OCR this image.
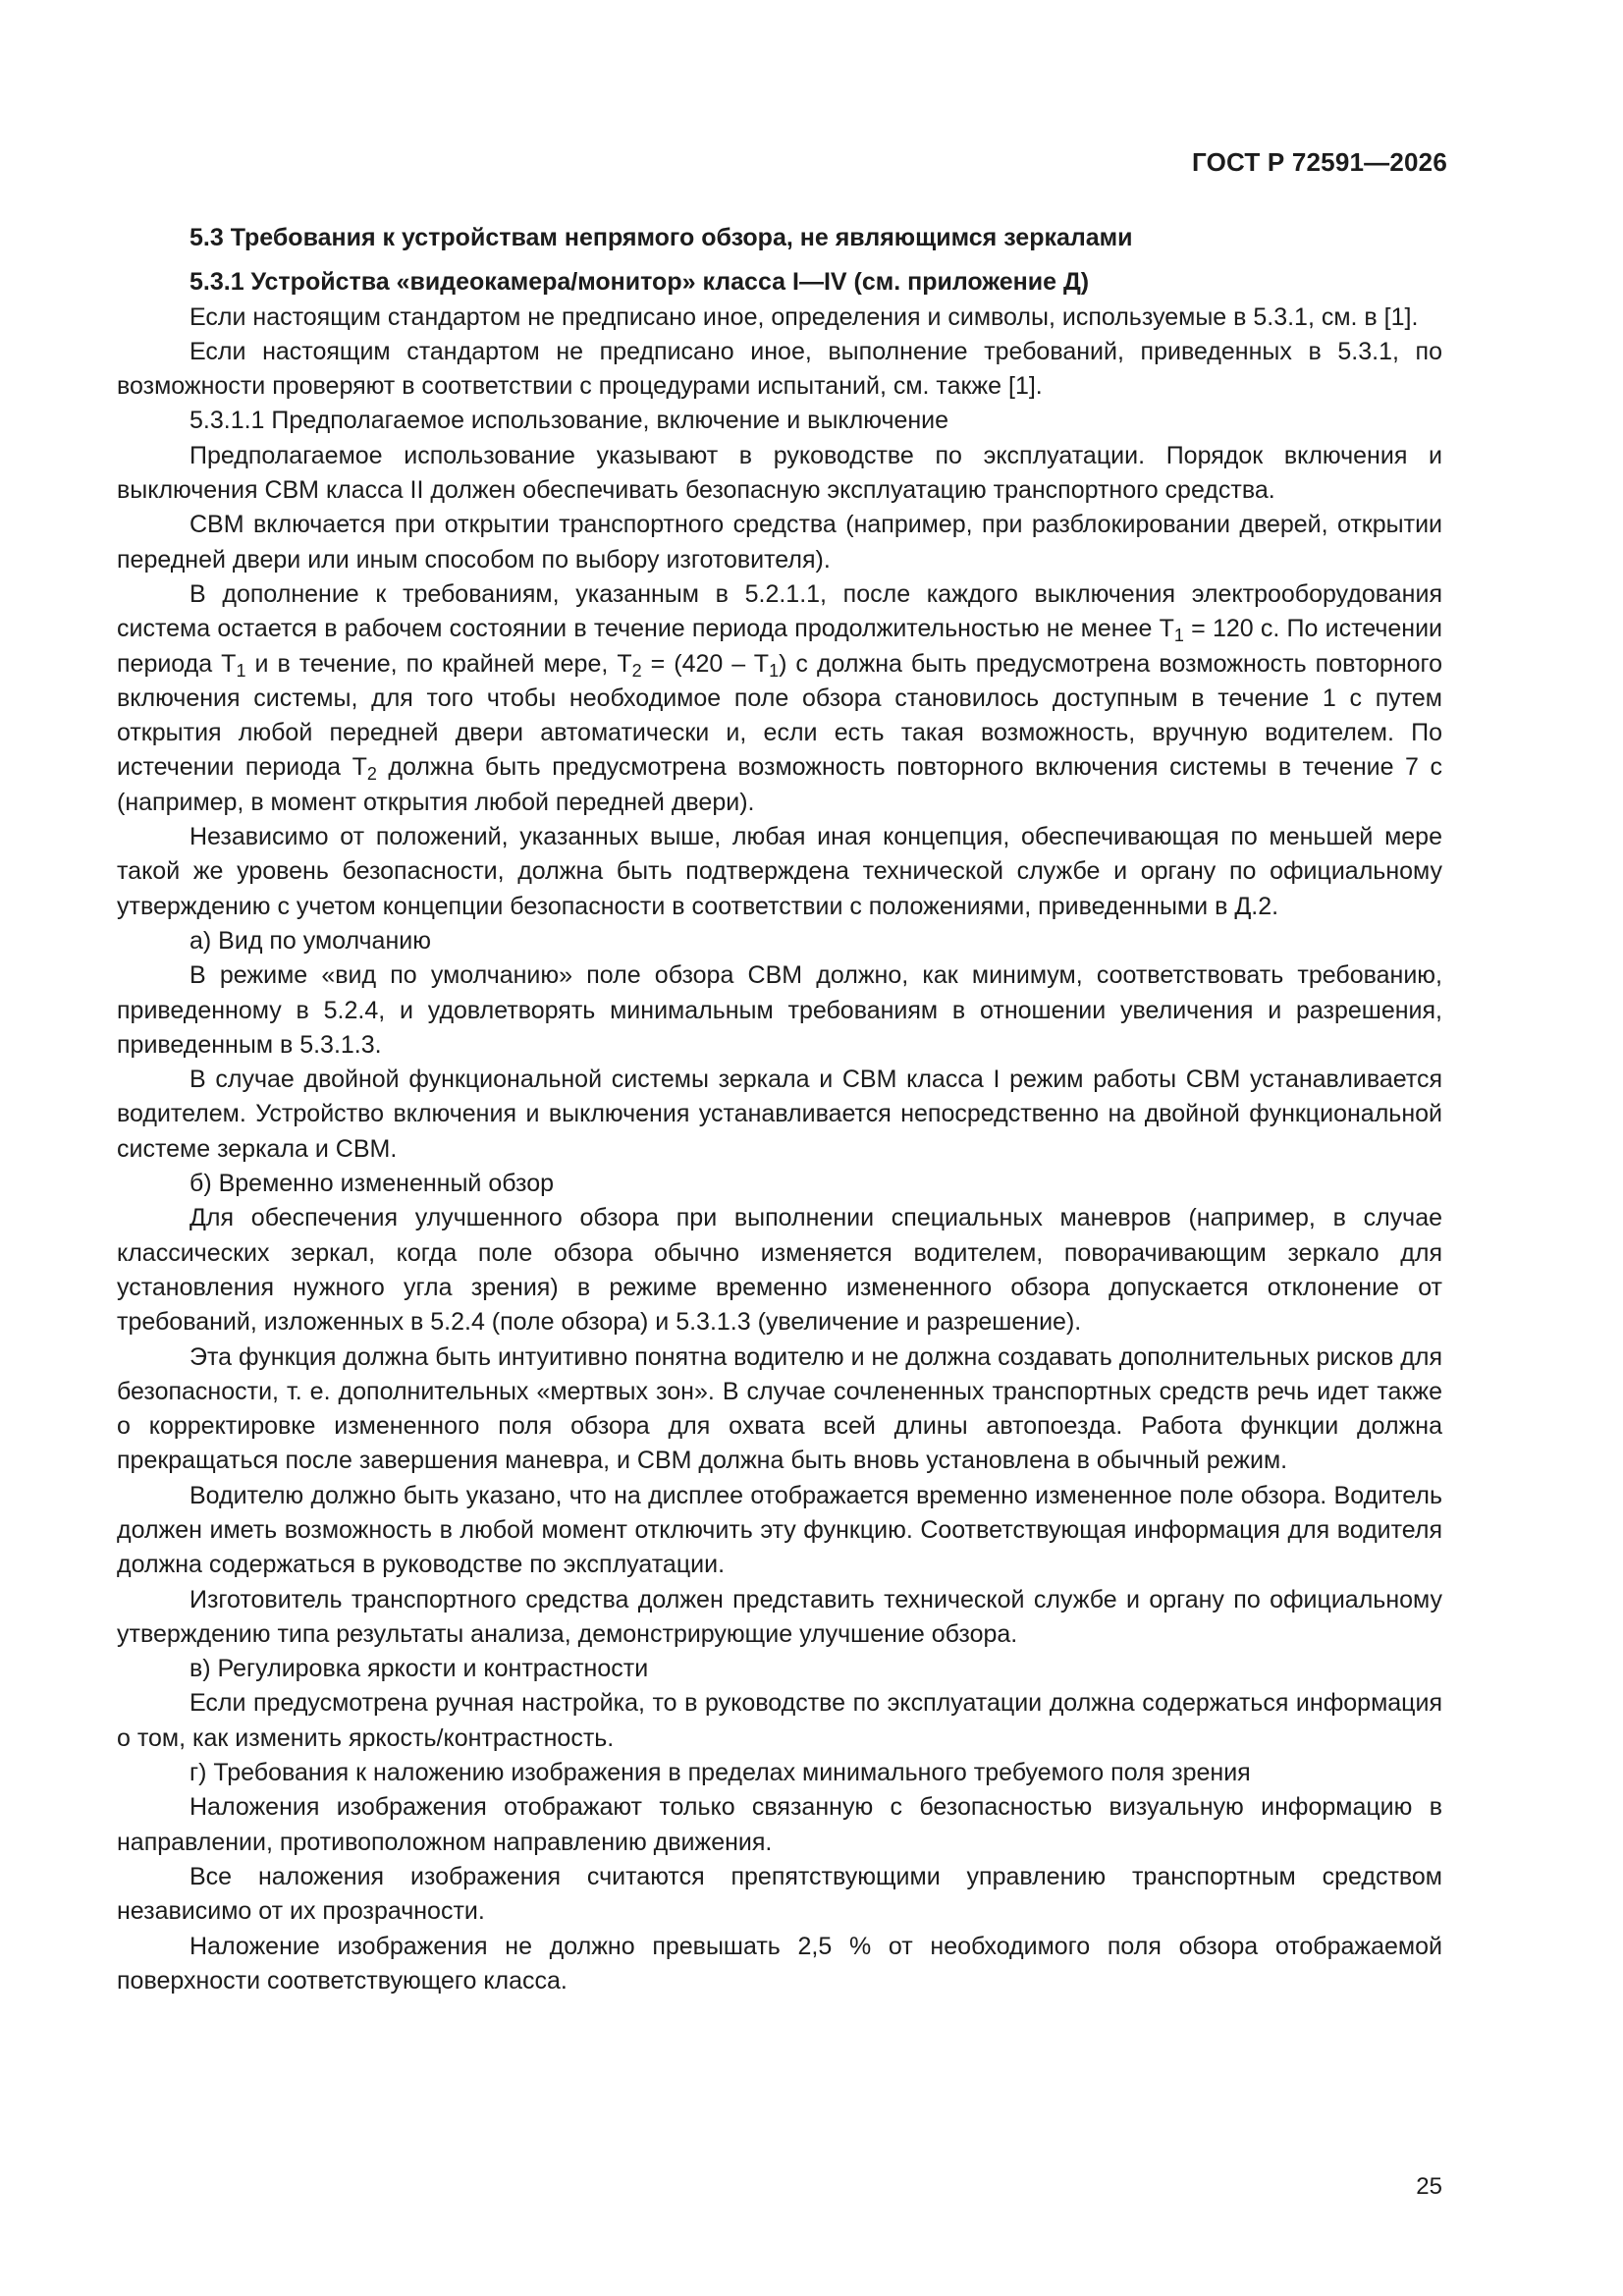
ГОСТ Р 72591—2026

5.3 Требования к устройствам непрямого обзора, не являющимся зеркалами

5.3.1 Устройства «видеокамера/монитор» класса I—IV (см. приложение Д)

Если настоящим стандартом не предписано иное, определения и символы, используемые в 5.3.1, см. в [1].

Если настоящим стандартом не предписано иное, выполнение требований, приведенных в 5.3.1, по возможности проверяют в соответствии с процедурами испытаний, см. также [1].

5.3.1.1 Предполагаемое использование, включение и выключение

Предполагаемое использование указывают в руководстве по эксплуатации. Порядок включения и выключения СВМ класса II должен обеспечивать безопасную эксплуатацию транспортного средства.

СВМ включается при открытии транспортного средства (например, при разблокировании дверей, открытии передней двери или иным способом по выбору изготовителя).

В дополнение к требованиям, указанным в 5.2.1.1, после каждого выключения электрооборудования система остается в рабочем состоянии в течение периода продолжительностью не менее $T_1 = 120$ с. По истечении периода $T_1$ и в течение, по крайней мере, $T_2 = (420 - T_1)$ с должна быть предусмотрена возможность повторного включения системы, для того чтобы необходимое поле обзора становилось доступным в течение 1 с путем открытия любой передней двери автоматически и, если есть такая возможность, вручную водителем. По истечении периода $T_2$ должна быть предусмотрена возможность повторного включения системы в течение 7 с (например, в момент открытия любой передней двери).

Независимо от положений, указанных выше, любая иная концепция, обеспечивающая по меньшей мере такой же уровень безопасности, должна быть подтверждена технической службе и органу по официальному утверждению с учетом концепции безопасности в соответствии с положениями, приведенными в Д.2.

а) Вид по умолчанию

В режиме «вид по умолчанию» поле обзора СВМ должно, как минимум, соответствовать требованию, приведенному в 5.2.4, и удовлетворять минимальным требованиям в отношении увеличения и разрешения, приведенным в 5.3.1.3.

В случае двойной функциональной системы зеркала и СВМ класса I режим работы СВМ устанавливается водителем. Устройство включения и выключения устанавливается непосредственно на двойной функциональной системе зеркала и СВМ.

б) Временно измененный обзор

Для обеспечения улучшенного обзора при выполнении специальных маневров (например, в случае классических зеркал, когда поле обзора обычно изменяется водителем, поворачивающим зеркало для установления нужного угла зрения) в режиме временно измененного обзора допускается отклонение от требований, изложенных в 5.2.4 (поле обзора) и 5.3.1.3 (увеличение и разрешение).

Эта функция должна быть интуитивно понятна водителю и не должна создавать дополнительных рисков для безопасности, т. е. дополнительных «мертвых зон». В случае сочлененных транспортных средств речь идет также о корректировке измененного поля обзора для охвата всей длины автопоезда. Работа функции должна прекращаться после завершения маневра, и СВМ должна быть вновь установлена в обычный режим.

Водителю должно быть указано, что на дисплее отображается временно измененное поле обзора. Водитель должен иметь возможность в любой момент отключить эту функцию. Соответствующая информация для водителя должна содержаться в руководстве по эксплуатации.

Изготовитель транспортного средства должен представить технической службе и органу по официальному утверждению типа результаты анализа, демонстрирующие улучшение обзора.

в) Регулировка яркости и контрастности

Если предусмотрена ручная настройка, то в руководстве по эксплуатации должна содержаться информация о том, как изменить яркость/контрастность.

г) Требования к наложению изображения в пределах минимального требуемого поля зрения

Наложения изображения отображают только связанную с безопасностью визуальную информацию в направлении, противоположном направлению движения.

Все наложения изображения считаются препятствующими управлению транспортным средством независимо от их прозрачности.

Наложение изображения не должно превышать 2,5 % от необходимого поля обзора отображаемой поверхности соответствующего класса.

25
